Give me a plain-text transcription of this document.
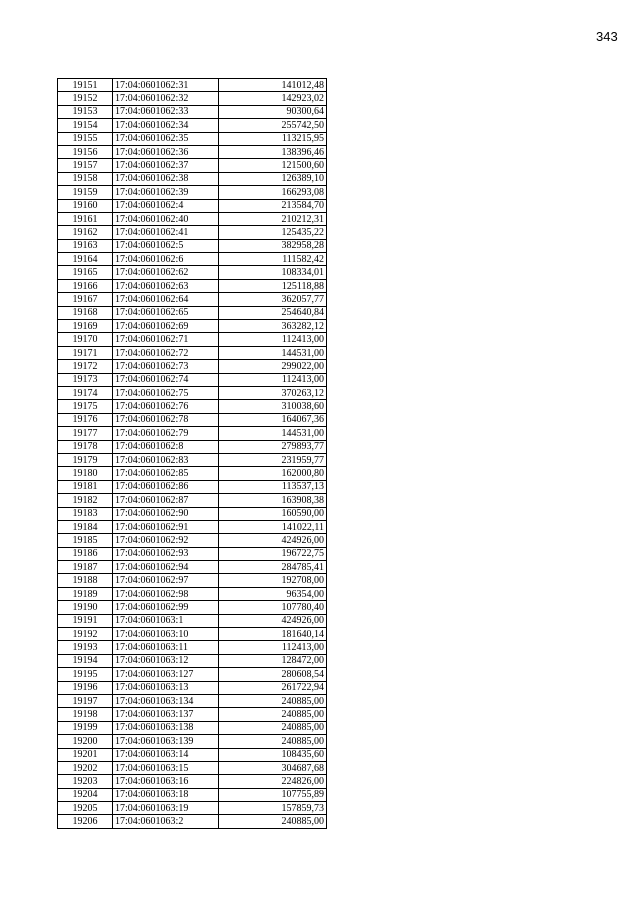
343
19151	17:04:0601062:31	141012,48
19152	17:04:0601062:32	142923,02
19153	17:04:0601062:33	90300,64
19154	17:04:0601062:34	255742,50
19155	17:04:0601062:35	113215,95
19156	17:04:0601062:36	138396,46
19157	17:04:0601062:37	121500,60
19158	17:04:0601062:38	126389,10
19159	17:04:0601062:39	166293,08
19160	17:04:0601062:4	213584,70
19161	17:04:0601062:40	210212,31
19162	17:04:0601062:41	125435,22
19163	17:04:0601062:5	382958,28
19164	17:04:0601062:6	111582,42
19165	17:04:0601062:62	108334,01
19166	17:04:0601062:63	125118,88
19167	17:04:0601062:64	362057,77
19168	17:04:0601062:65	254640,84
19169	17:04:0601062:69	363282,12
19170	17:04:0601062:71	112413,00
19171	17:04:0601062:72	144531,00
19172	17:04:0601062:73	299022,00
19173	17:04:0601062:74	112413,00
19174	17:04:0601062:75	370263,12
19175	17:04:0601062:76	310038,60
19176	17:04:0601062:78	164067,36
19177	17:04:0601062:79	144531,00
19178	17:04:0601062:8	279893,77
19179	17:04:0601062:83	231959,77
19180	17:04:0601062:85	162000,80
19181	17:04:0601062:86	113537,13
19182	17:04:0601062:87	163908,38
19183	17:04:0601062:90	160590,00
19184	17:04:0601062:91	141022,11
19185	17:04:0601062:92	424926,00
19186	17:04:0601062:93	196722,75
19187	17:04:0601062:94	284785,41
19188	17:04:0601062:97	192708,00
19189	17:04:0601062:98	96354,00
19190	17:04:0601062:99	107780,40
19191	17:04:0601063:1	424926,00
19192	17:04:0601063:10	181640,14
19193	17:04:0601063:11	112413,00
19194	17:04:0601063:12	128472,00
19195	17:04:0601063:127	280608,54
19196	17:04:0601063:13	261722,94
19197	17:04:0601063:134	240885,00
19198	17:04:0601063:137	240885,00
19199	17:04:0601063:138	240885,00
19200	17:04:0601063:139	240885,00
19201	17:04:0601063:14	108435,60
19202	17:04:0601063:15	304687,68
19203	17:04:0601063:16	224826,00
19204	17:04:0601063:18	107755,89
19205	17:04:0601063:19	157859,73
19206	17:04:0601063:2	240885,00
